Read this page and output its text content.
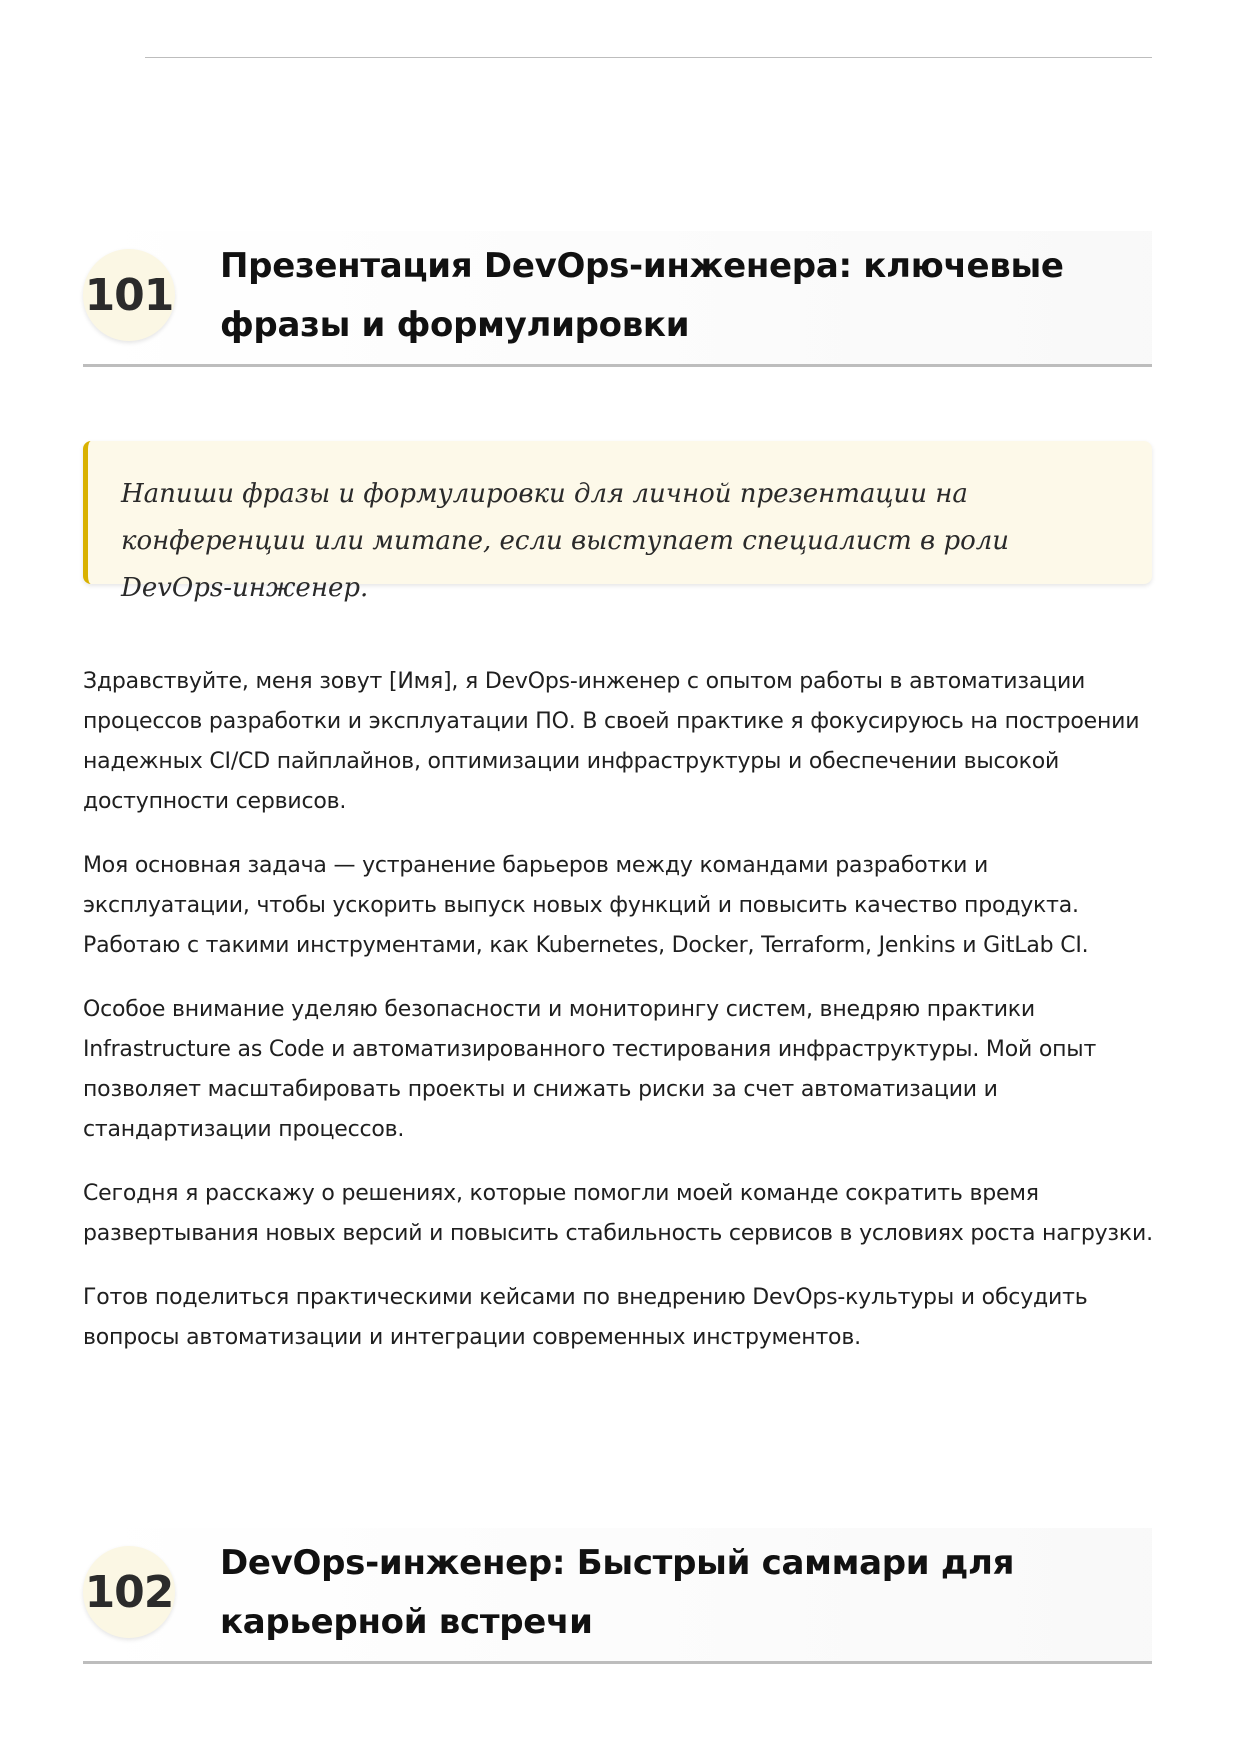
101
Презентация DevOps-инженера: ключевые фразы и формулировки

Напиши фразы и формулировки для личной презентации на конференции или митапе, если выступает специалист в роли DevOps-инженер.

Здравствуйте, меня зовут [Имя], я DevOps-инженер с опытом работы в автоматизации процессов разработки и эксплуатации ПО. В своей практике я фокусируюсь на построении надежных CI/CD пайплайнов, оптимизации инфраструктуры и обеспечении высокой доступности сервисов.

Моя основная задача — устранение барьеров между командами разработки и эксплуатации, чтобы ускорить выпуск новых функций и повысить качество продукта. Работаю с такими инструментами, как Kubernetes, Docker, Terraform, Jenkins и GitLab CI.

Особое внимание уделяю безопасности и мониторингу систем, внедряю практики Infrastructure as Code и автоматизированного тестирования инфраструктуры. Мой опыт позволяет масштабировать проекты и снижать риски за счет автоматизации и стандартизации процессов.

Сегодня я расскажу о решениях, которые помогли моей команде сократить время развертывания новых версий и повысить стабильность сервисов в условиях роста нагрузки.

Готов поделиться практическими кейсами по внедрению DevOps-культуры и обсудить вопросы автоматизации и интеграции современных инструментов.

102
DevOps-инженер: Быстрый саммари для карьерной встречи
